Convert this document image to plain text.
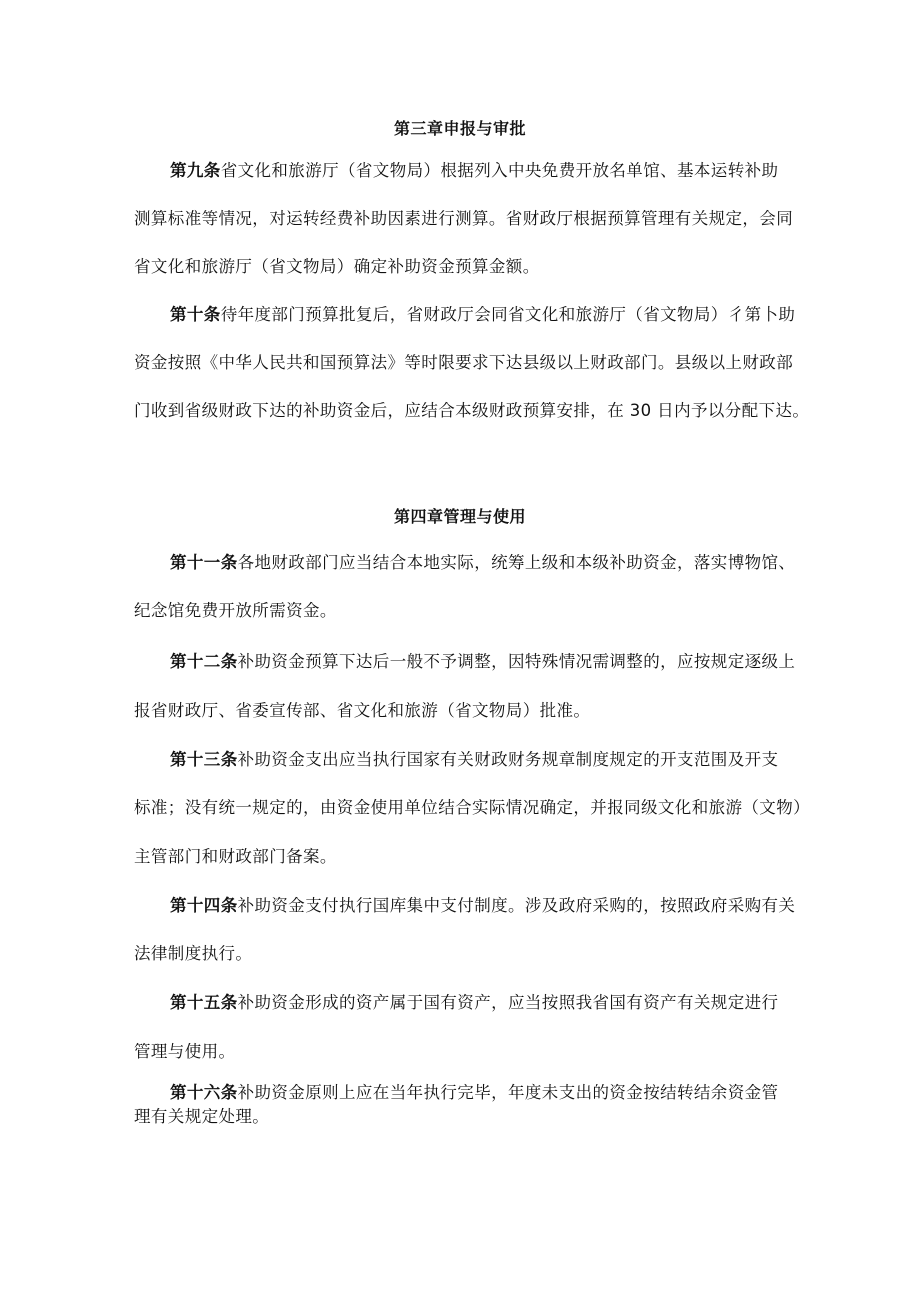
第三章申报与审批
第九条省文化和旅游厅（省文物局）根据列入中央免费开放名单馆、基本运转补助
测算标准等情况，对运转经费补助因素进行测算。省财政厅根据预算管理有关规定，会同
省文化和旅游厅（省文物局）确定补助资金预算金额。
第十条待年度部门预算批复后，省财政厅会同省文化和旅游厅（省文物局）彳第卜助
资金按照《中华人民共和国预算法》等时限要求下达县级以上财政部门。县级以上财政部
门收到省级财政下达的补助资金后，应结合本级财政预算安排，在 30 日内予以分配下达。
第四章管理与使用
第十一条各地财政部门应当结合本地实际，统筹上级和本级补助资金，落实博物馆、
纪念馆免费开放所需资金。
第十二条补助资金预算下达后一般不予调整，因特殊情况需调整的，应按规定逐级上
报省财政厅、省委宣传部、省文化和旅游（省文物局）批准。
第十三条补助资金支出应当执行国家有关财政财务规章制度规定的开支范围及开支
标准；没有统一规定的，由资金使用单位结合实际情况确定，并报同级文化和旅游（文物）
主管部门和财政部门备案。
第十四条补助资金支付执行国库集中支付制度。涉及政府采购的，按照政府采购有关
法律制度执行。
第十五条补助资金形成的资产属于国有资产，应当按照我省国有资产有关规定进行
管理与使用。
第十六条补助资金原则上应在当年执行完毕，年度未支出的资金按结转结余资金管
理有关规定处理。
